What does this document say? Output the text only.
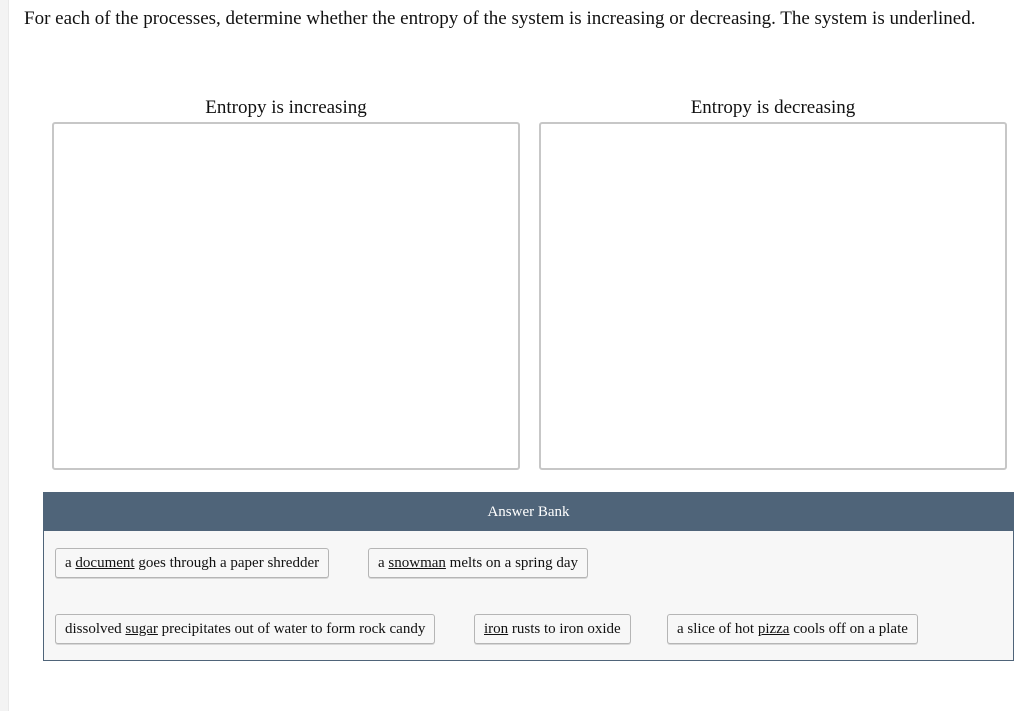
For each of the processes, determine whether the entropy of the system is increasing or decreasing. The system is underlined.
Entropy is increasing	Entropy is decreasing
Answer Bank
a document goes through a paper shredder	a snowman melts on a spring day
dissolved sugar precipitates out of water to form rock candy	iron rusts to iron oxide	a slice of hot pizza cools off on a plate
